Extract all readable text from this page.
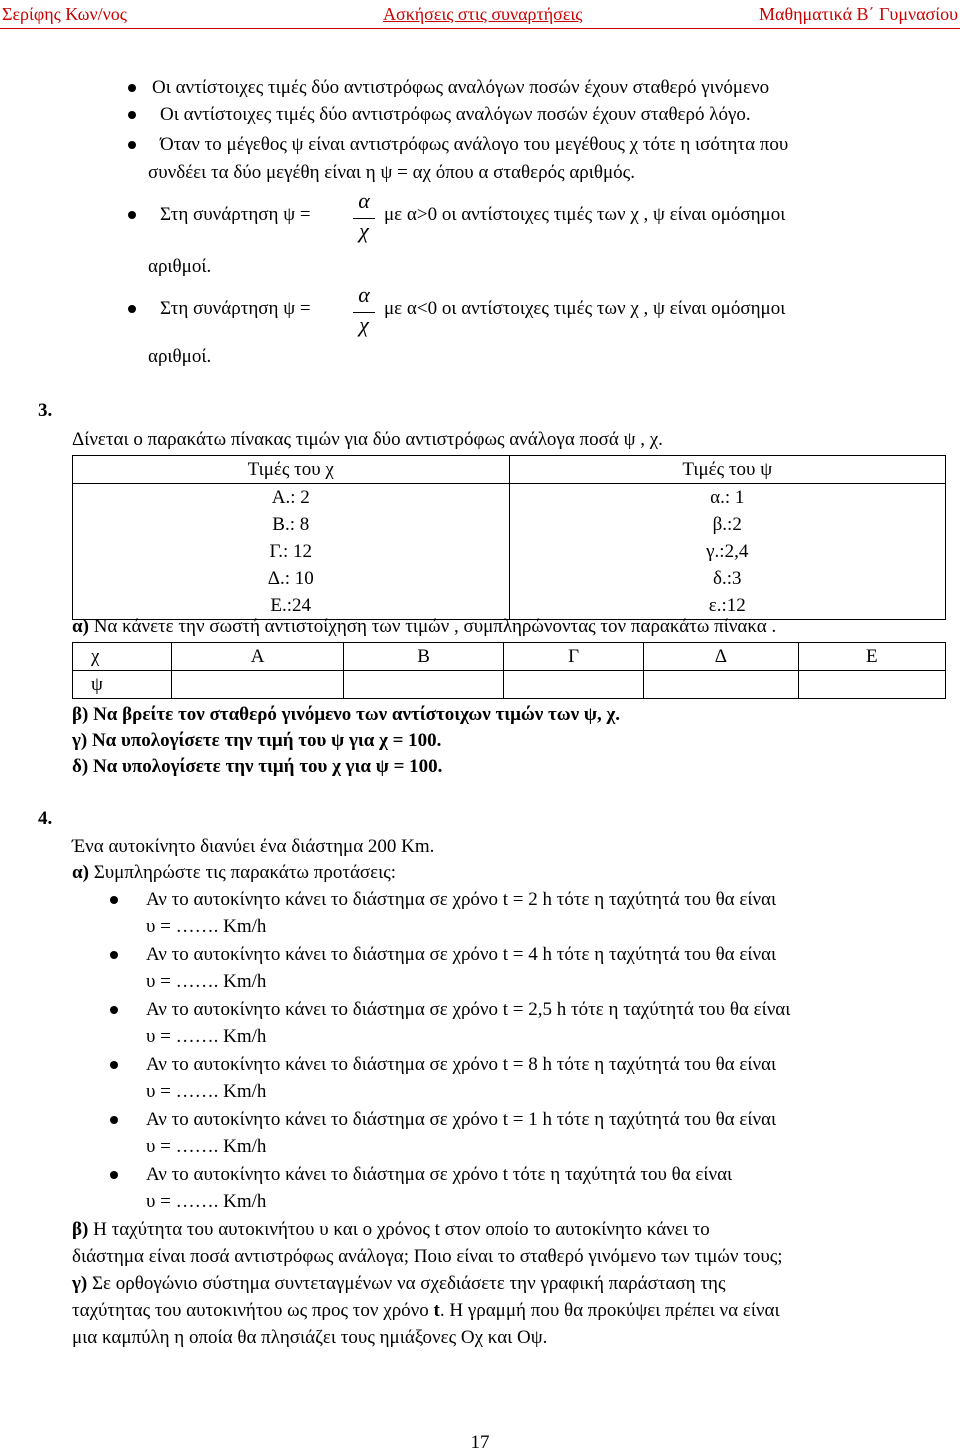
Σερίφης Κων/νος	Ασκήσεις στις συναρτήσεις	Μαθηματικά Β΄ Γυμνασίου
Οι αντίστοιχες τιμές δύο αντιστρόφως αναλόγων ποσών έχουν σταθερό γινόμενο
Οι αντίστοιχες τιμές δύο αντιστρόφως αναλόγων ποσών έχουν σταθερό λόγο.
Όταν το μέγεθος ψ είναι αντιστρόφως ανάλογο του μεγέθους χ τότε η ισότητα που
συνδέει τα δύο μεγέθη είναι η ψ = αχ όπου α σταθερός αριθμός.
Στη συνάρτηση ψ =
α
χ
με α>0 οι αντίστοιχες τιμές των χ , ψ είναι ομόσημοι
αριθμοί.
Στη συνάρτηση ψ =
α
χ
με α<0 οι αντίστοιχες τιμές των χ , ψ είναι ομόσημοι
αριθμοί.
3.
Δίνεται ο παρακάτω πίνακας τιμών για δύο αντιστρόφως ανάλογα ποσά ψ , χ.
Τιμές του χ	Τιμές του ψ
Α.: 2	α.: 1
Β.: 8	β.:2
Γ.: 12	γ.:2,4
Δ.: 10	δ.:3
Ε.:24	ε.:12
α) Να κάνετε την σωστή αντιστοίχηση των τιμών , συμπληρώνοντας τον παρακάτω πίνακα .
χ	Α	Β	Γ	Δ	Ε
ψ					
β) Να βρείτε τον σταθερό γινόμενο των αντίστοιχων τιμών των ψ, χ.
γ) Να υπολογίσετε την τιμή του ψ για χ = 100.
δ) Να υπολογίσετε την τιμή του χ για ψ = 100.
4.
Ένα αυτοκίνητο διανύει ένα διάστημα 200 Km.
α) Συμπληρώστε τις παρακάτω προτάσεις:
Αν το αυτοκίνητο κάνει το διάστημα σε χρόνο t = 2 h τότε η ταχύτητά του θα είναι
υ = ……. Km/h
Αν το αυτοκίνητο κάνει το διάστημα σε χρόνο t = 4 h τότε η ταχύτητά του θα είναι
υ = ……. Km/h
Αν το αυτοκίνητο κάνει το διάστημα σε χρόνο t = 2,5 h τότε η ταχύτητά του θα είναι
υ = ……. Km/h
Αν το αυτοκίνητο κάνει το διάστημα σε χρόνο t = 8 h τότε η ταχύτητά του θα είναι
υ = ……. Km/h
Αν το αυτοκίνητο κάνει το διάστημα σε χρόνο t = 1 h τότε η ταχύτητά του θα είναι
υ = ……. Km/h
Αν το αυτοκίνητο κάνει το διάστημα σε χρόνο t τότε η ταχύτητά του θα είναι
υ = ……. Km/h
β) Η ταχύτητα του αυτοκινήτου υ και ο χρόνος t στον οποίο το αυτοκίνητο κάνει το
διάστημα είναι ποσά αντιστρόφως ανάλογα; Ποιο είναι το σταθερό γινόμενο των τιμών τους;
γ) Σε ορθογώνιο σύστημα συντεταγμένων να σχεδιάσετε την γραφική παράσταση της
ταχύτητας του αυτοκινήτου ως προς τον χρόνο t. Η γραμμή που θα προκύψει πρέπει να είναι
μια καμπύλη η οποία θα πλησιάζει τους ημιάξονες Οχ και Οψ.
17
